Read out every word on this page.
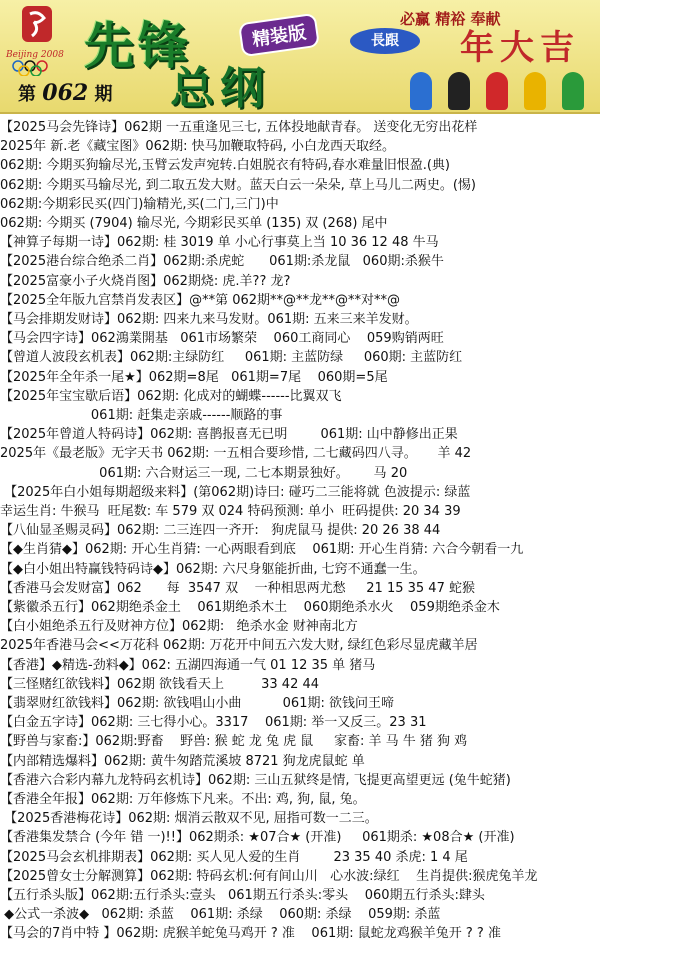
Beijing 2008 先锋
总纲
精装版
第 062 期
必赢 精裕 奉献
長跟	年大吉
【2025马会先锋诗】062期 一五重逢见三七, 五体投地献青春。 送变化无穷出花样
2025年 新.老《藏宝图》062期: 快马加鞭取特码, 小白龙西天取经。
062期: 今期买狗输尽光,玉臂云发声宛转.白姐脱衣有特码,春水难量旧恨盈.(典)
062期: 今期买马输尽光, 到二取五发大财。蓝天白云一朵朵, 草上马儿二两史。(惕)
062期:今期彩民买(四门)输精光,买(二门,三门)中
062期: 今期买 (7904) 输尽光, 今期彩民买单 (135) 双 (268) 尾中
【神算子每期一诗】062期: 桂 3019 单 小心行事莫上当 10 36 12 48 牛马
【2025港台综合绝杀二肖】062期:杀虎蛇      061期:杀龙鼠   060期:杀猴牛
【2025富豪小子火烧肖图】062期烧: 虎.羊?? 龙?
【2025全年版九宫禁肖发表区】@**第 062期**@**龙**@**对**@
【马会排期发财诗】062期: 四来九来马发财。061期: 五来三来羊发财。
【马会四字诗】062鴻業開基   061市场繁荣    060工商同心    059购销两旺
【曾道人波段玄机表】062期:主绿防红     061期: 主蓝防绿     060期: 主蓝防红
【2025年全年杀一尾★】062期=8尾   061期=7尾    060期=5尾
【2025年宝宝歇后语】062期: 化成对的蝴蝶------比翼双飞
061期: 赶集走亲戚------顺路的事
【2025年曾道人特码诗】062期: 喜鹊报喜无已明        061期: 山中静修出正果
2025年《最老版》无字天书 062期: 一五相合要珍惜, 二七藏码四八寻。     羊 42
061期: 六合财运三一现, 二七本期景独好。      马 20
【2025年白小姐每期超级来料】(第062期)诗曰: 碰巧二三能将就 色波提示: 绿蓝
幸运生肖: 牛猴马  旺尾数: 车 579 双 024 特码预测: 单小  旺码提供: 20 34 39
【八仙显圣赐灵码】062期: 二三连四一齐开:   狗虎鼠马 提供: 20 26 38 44
【◆生肖猜◆】062期: 开心生肖猜: 一心两眼看到底    061期: 开心生肖猜: 六合今朝看一九
【◆白小姐出特赢钱特码诗◆】062期: 六尺身躯能折曲, 七窍不通蠢一生。
【香港马会发财富】062      每  3547 双    一种相思两尤愁     21 15 35 47 蛇猴
【紫徽杀五行】062期绝杀金土    061期绝杀木土    060期绝杀水火    059期绝杀金木
【白小姐绝杀五行及财神方位】062期:   绝杀水金 财神南北方
2025年香港马会<<万花科 062期: 万花开中间五六发大财, 绿红色彩尽显虎藏羊居
【香港】◆精选-劲料◆】062: 五湖四海通一气 01 12 35 单 猪马
【三怪赌红欲钱料】062期 欲钱看天上         33 42 44
【翡翠财红欲钱料】062期: 欲钱唱山小曲          061期: 欲钱问王啼
【白金五字诗】062期: 三七得小心。3317    061期: 举一又反三。23 31
【野兽与家畜:】062期:野畜    野兽: 猴 蛇 龙 兔 虎 鼠     家畜: 羊 马 牛 猪 狗 鸡
【内部精选爆料】062期: 黄牛匆踏荒溪坡 8721 狗龙虎鼠蛇 单
【香港六合彩内幕九龙特码玄机诗】062期: 三山五狱终是情, 飞提更高望更远 (兔牛蛇猪)
【香港全年报】062期: 万年修炼下凡来。不出: 鸡, 狗, 鼠, 兔。
【2025香港梅花诗】062期: 烟消云散双不见, 屈指可数一二三。
【香港集发禁合 (今年 错 一)!!】062期杀: ★07合★ (开准)     061期杀: ★08合★ (开准)
【2025马会玄机排期表】062期: 买人见人爱的生肖        23 35 40 杀虎: 1 4 尾
【2025曾女士分解测算】062期: 特码玄机:何有间山川   心水波:绿红    生肖提供:猴虎兔羊龙
【五行杀头版】062期:五行杀头:壹头   061期五行杀头:零头    060期五行杀头:肆头
◆公式一杀波◆   062期: 杀蓝    061期: 杀绿    060期: 杀绿    059期: 杀蓝
【马会的7肖中特 】062期: 虎猴羊蛇兔马鸡开 ? 准    061期: 鼠蛇龙鸡猴羊兔开 ? ? 准
